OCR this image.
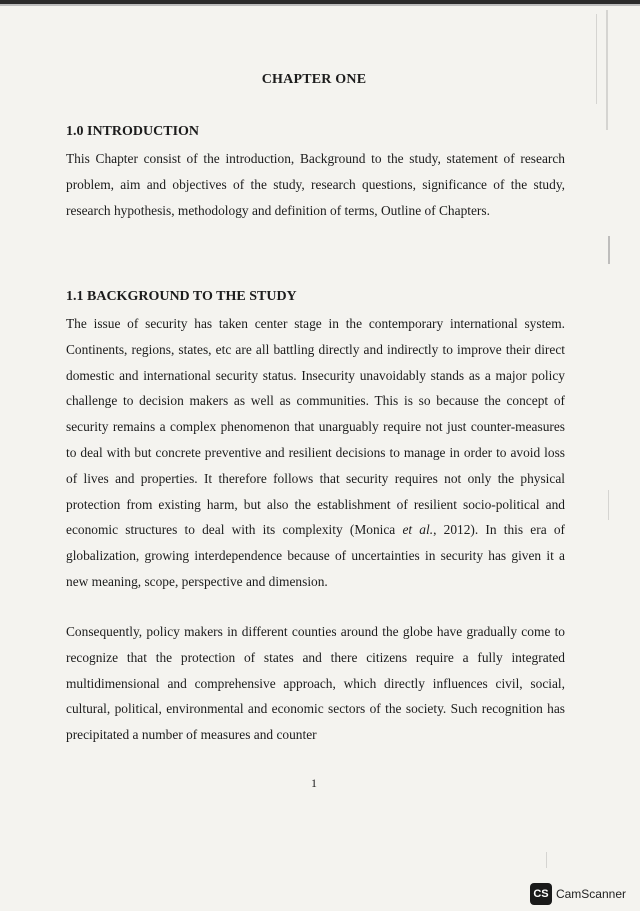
CHAPTER ONE
1.0 INTRODUCTION

This Chapter consist of the introduction, Background to the study, statement of research problem, aim and objectives of the study, research questions, significance of the study, research hypothesis, methodology and definition of terms, Outline of Chapters.

1.1 BACKGROUND TO THE STUDY

The issue of security has taken center stage in the contemporary international system. Continents, regions, states, etc are all battling directly and indirectly to improve their direct domestic and international security status. Insecurity unavoidably stands as a major policy challenge to decision makers as well as communities. This is so because the concept of security remains a complex phenomenon that unarguably require not just counter-measures to deal with but concrete preventive and resilient decisions to manage in order to avoid loss of lives and properties. It therefore follows that security requires not only the physical protection from existing harm, but also the establishment of resilient socio-political and economic structures to deal with its complexity (Monica et al., 2012). In this era of globalization, growing interdependence because of uncertainties in security has given it a new meaning, scope, perspective and dimension.

Consequently, policy makers in different counties around the globe have gradually come to recognize that the protection of states and there citizens require a fully integrated multidimensional and comprehensive approach, which directly influences civil, social, cultural, political, environmental and economic sectors of the society. Such recognition has precipitated a number of measures and counter

1
CS CamScanner
